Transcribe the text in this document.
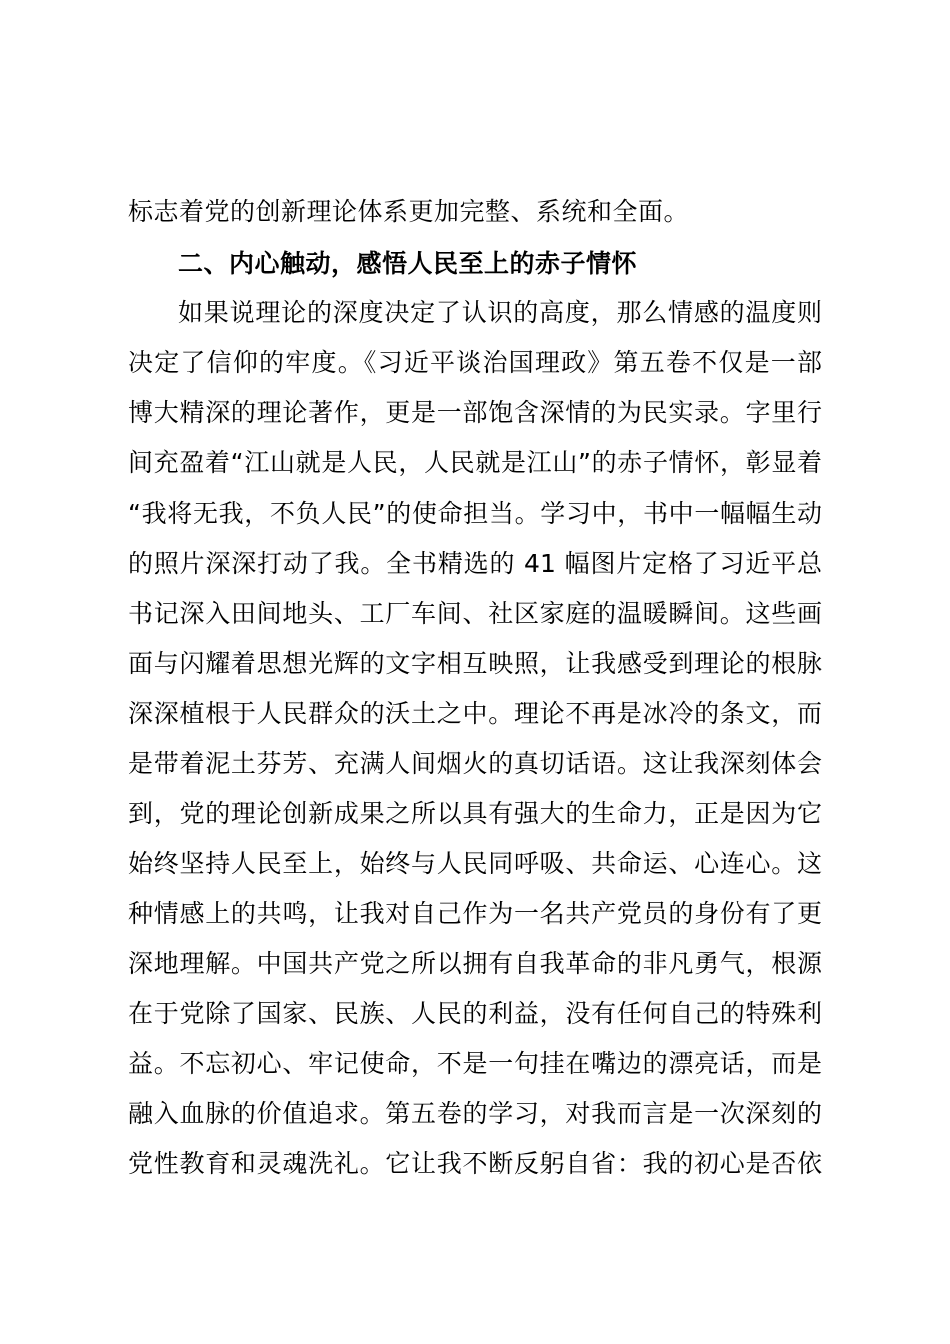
标志着党的创新理论体系更加完整、系统和全面。
二、内心触动，感悟人民至上的赤子情怀
如果说理论的深度决定了认识的高度，那么情感的温度则
决定了信仰的牢度。《习近平谈治国理政》第五卷不仅是一部
博大精深的理论著作，更是一部饱含深情的为民实录。字里行
间充盈着“江山就是人民，人民就是江山”的赤子情怀，彰显着
“我将无我，不负人民”的使命担当。学习中，书中一幅幅生动
的照片深深打动了我。全书精选的 41 幅图片定格了习近平总
书记深入田间地头、工厂车间、社区家庭的温暖瞬间。这些画
面与闪耀着思想光辉的文字相互映照，让我感受到理论的根脉
深深植根于人民群众的沃土之中。理论不再是冰冷的条文，而
是带着泥土芬芳、充满人间烟火的真切话语。这让我深刻体会
到，党的理论创新成果之所以具有强大的生命力，正是因为它
始终坚持人民至上，始终与人民同呼吸、共命运、心连心。这
种情感上的共鸣，让我对自己作为一名共产党员的身份有了更
深地理解。中国共产党之所以拥有自我革命的非凡勇气，根源
在于党除了国家、民族、人民的利益，没有任何自己的特殊利
益。不忘初心、牢记使命，不是一句挂在嘴边的漂亮话，而是
融入血脉的价值追求。第五卷的学习，对我而言是一次深刻的
党性教育和灵魂洗礼。它让我不断反躬自省：我的初心是否依
